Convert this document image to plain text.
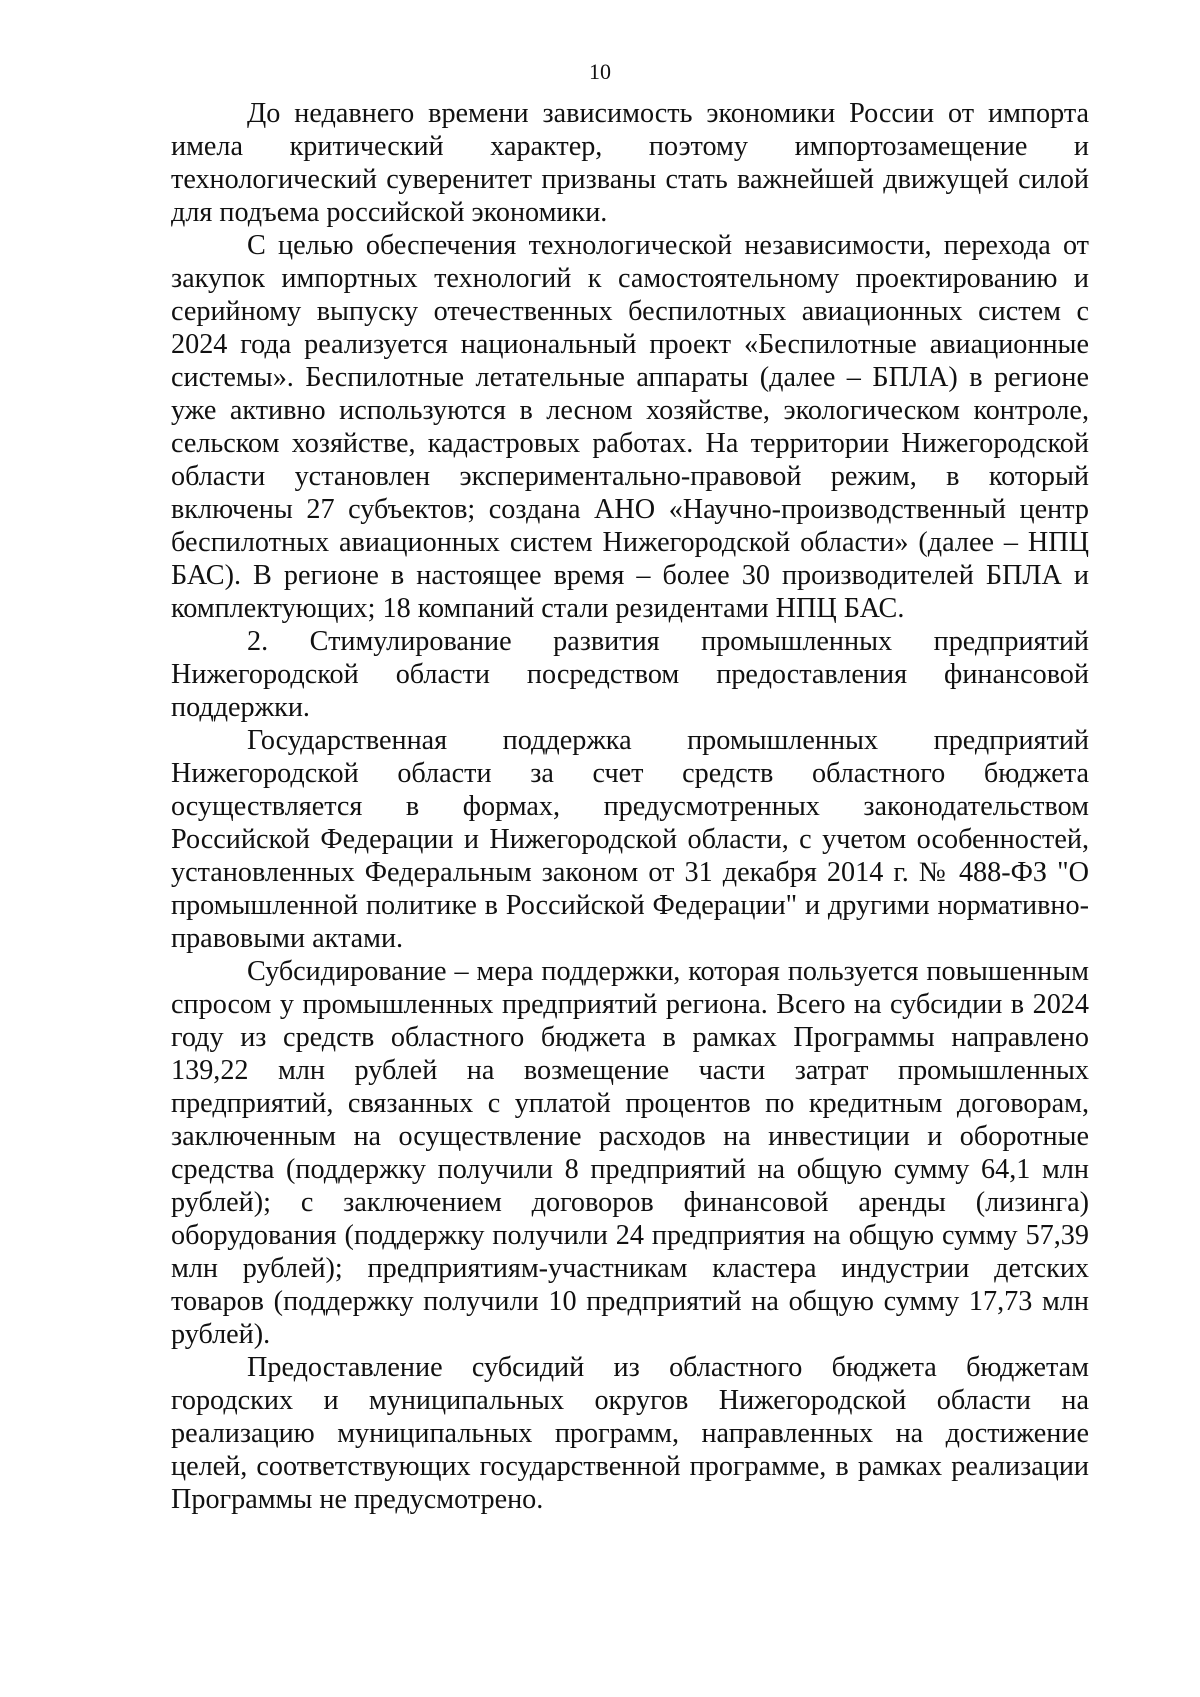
10

До недавнего времени зависимость экономики России от импорта имела критический характер, поэтому импортозамещение и технологический суверенитет призваны стать важнейшей движущей силой для подъема российской экономики.

С целью обеспечения технологической независимости, перехода от закупок импортных технологий к самостоятельному проектированию и серийному выпуску отечественных беспилотных авиационных систем с 2024 года реализуется национальный проект «Беспилотные авиационные системы». Беспилотные летательные аппараты (далее – БПЛА) в регионе уже активно используются в лесном хозяйстве, экологическом контроле, сельском хозяйстве, кадастровых работах. На территории Нижегородской области установлен экспериментально-правовой режим, в который включены 27 субъектов; создана АНО «Научно-производственный центр беспилотных авиационных систем Нижегородской области» (далее – НПЦ БАС). В регионе в настоящее время – более 30 производителей БПЛА и комплектующих; 18 компаний стали резидентами НПЦ БАС.

2. Стимулирование развития промышленных предприятий Нижегородской области посредством предоставления финансовой поддержки.

Государственная поддержка промышленных предприятий Нижегородской области за счет средств областного бюджета осуществляется в формах, предусмотренных законодательством Российской Федерации и Нижегородской области, с учетом особенностей, установленных Федеральным законом от 31 декабря 2014 г. № 488-ФЗ "О промышленной политике в Российской Федерации" и другими нормативно-правовыми актами.

Субсидирование – мера поддержки, которая пользуется повышенным спросом у промышленных предприятий региона. Всего на субсидии в 2024 году из средств областного бюджета в рамках Программы направлено 139,22 млн рублей на возмещение части затрат промышленных предприятий, связанных с уплатой процентов по кредитным договорам, заключенным на осуществление расходов на инвестиции и оборотные средства (поддержку получили 8 предприятий на общую сумму 64,1 млн рублей); с заключением договоров финансовой аренды (лизинга) оборудования (поддержку получили 24 предприятия на общую сумму 57,39 млн рублей); предприятиям-участникам кластера индустрии детских товаров (поддержку получили 10 предприятий на общую сумму 17,73 млн рублей).

Предоставление субсидий из областного бюджета бюджетам городских и муниципальных округов Нижегородской области на реализацию муниципальных программ, направленных на достижение целей, соответствующих государственной программе, в рамках реализации Программы не предусмотрено.
